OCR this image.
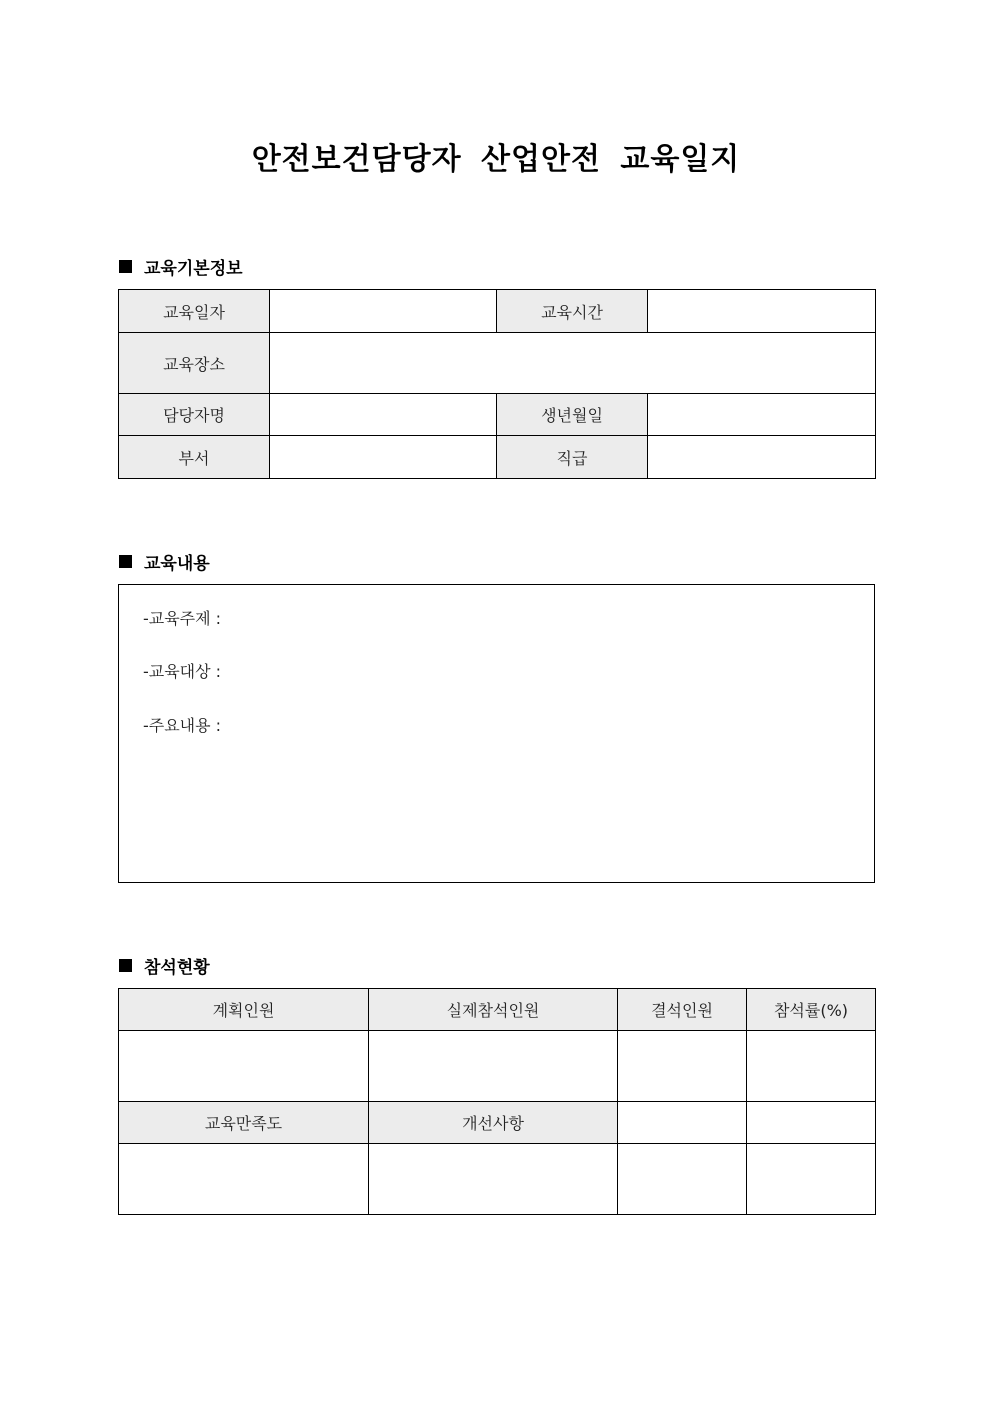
안전보건담당자 산업안전 교육일지
교육기본정보
교육일자		교육시간	
교육장소			
담당자명		생년월일	
부서		직급	
교육내용
-교육주제 :
-교육대상 :
-주요내용 :
참석현황
계획인원	실제참석인원	결석인원	참석률(%)

교육만족도	개선사항		
